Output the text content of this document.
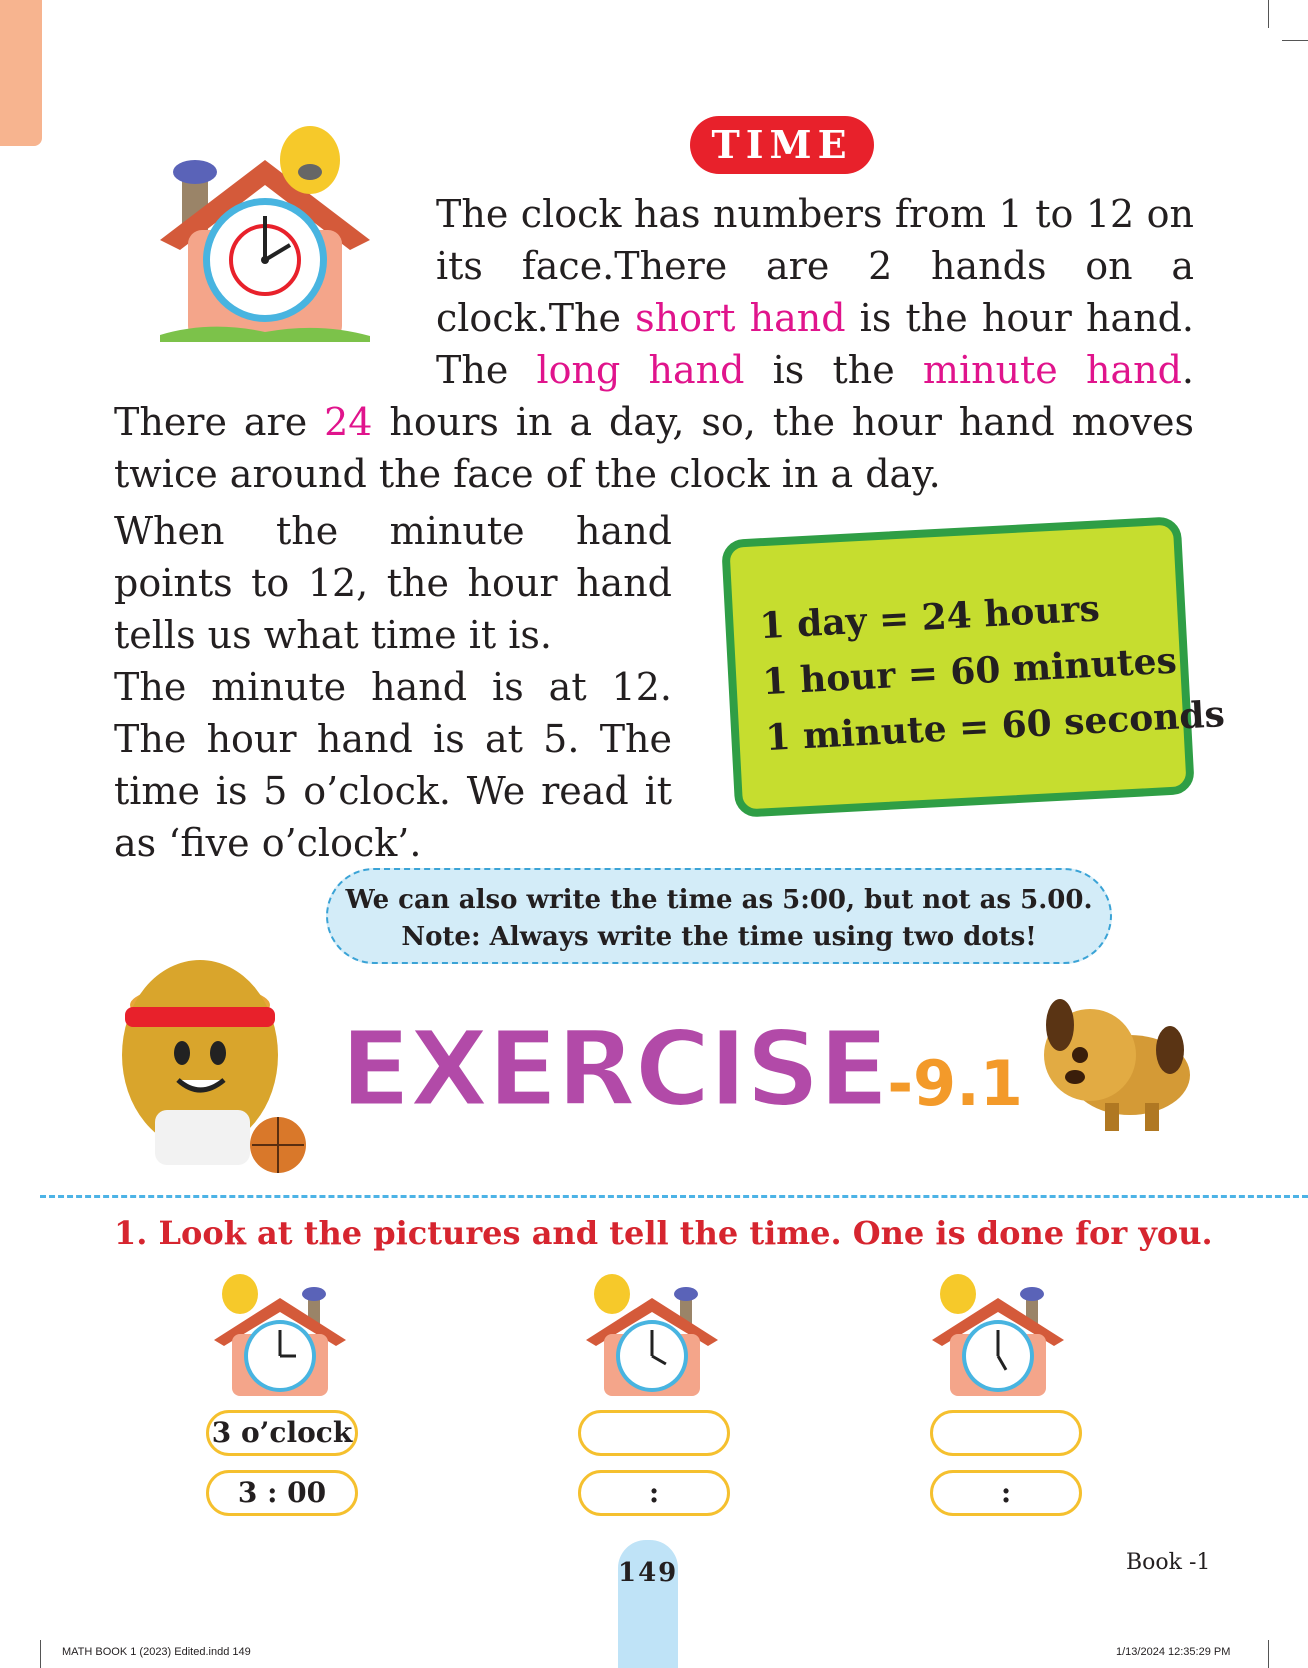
TIME
The clock has numbers from 1 to 12 on its face.There are 2 hands on a clock.The short hand is the hour hand. The long hand is the minute hand. There are 24 hours in a day, so, the hour hand moves twice around the face of the clock in a day.
When the minute hand points to 12, the hour hand tells us what time it is.
The minute hand is at 12. The hour hand is at 5. The time is 5 o’clock. We read it as ‘five o’clock’.
1 day = 24 hours
1 hour = 60 minutes
1 minute = 60 seconds
We can also write the time as 5:00, but not as 5.00.
Note: Always write the time using two dots!
EXERCISE-9.1
1. Look at the pictures and tell the time. One is done for you.
3 o’clock
3 : 00	:	:
149	Book -1
MATH BOOK 1 (2023) Edited.indd 149	1/13/2024 12:35:29 PM
